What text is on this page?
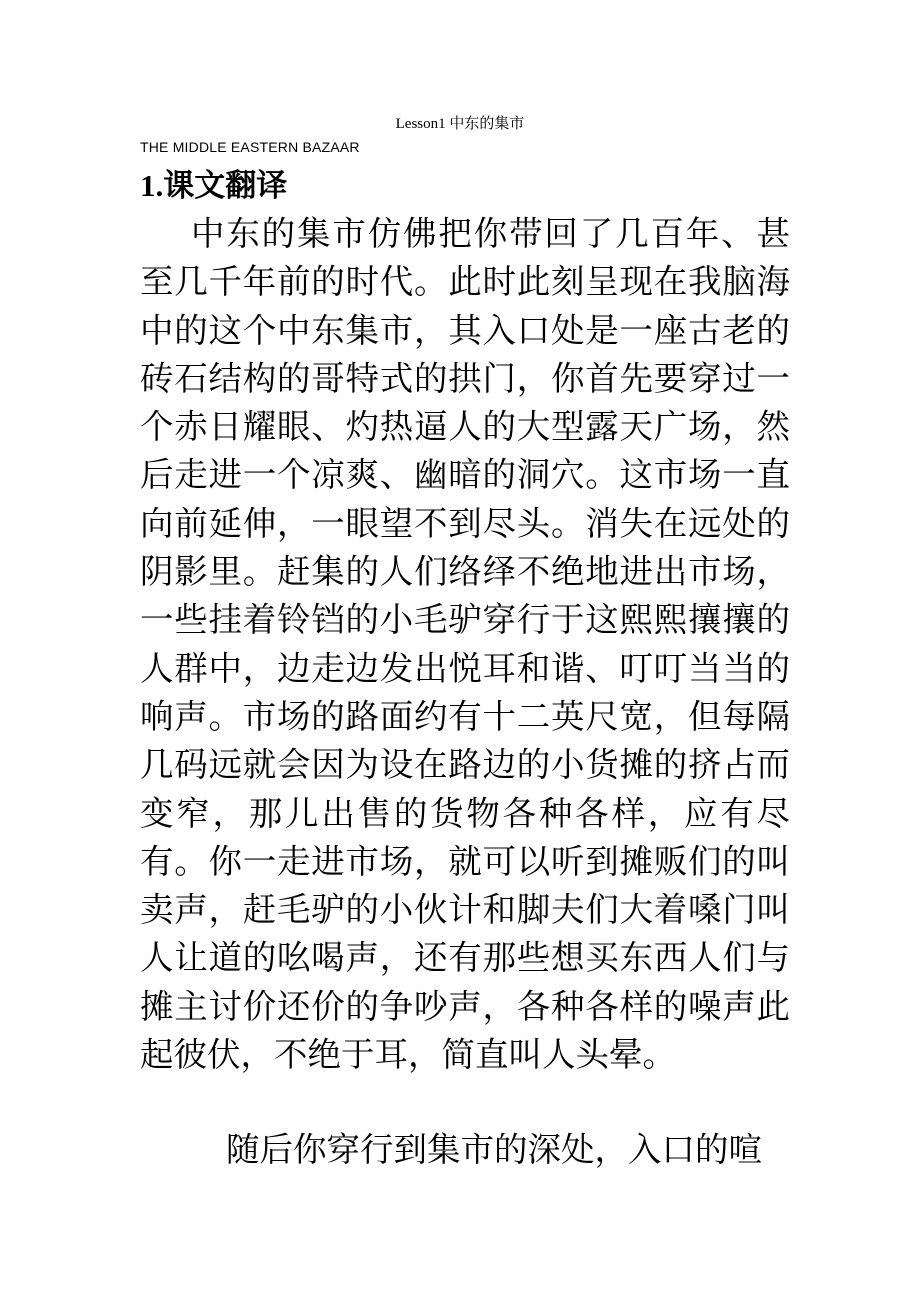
Lesson1 中东的集市
THE MIDDLE EASTERN BAZAAR
1.课文翻译

中东的集市仿佛把你带回了几百年、甚至几千年前的时代。此时此刻呈现在我脑海中的这个中东集市，其入口处是一座古老的砖石结构的哥特式的拱门，你首先要穿过一个赤日耀眼、灼热逼人的大型露天广场，然后走进一个凉爽、幽暗的洞穴。这市场一直向前延伸，一眼望不到尽头。消失在远处的阴影里。赶集的人们络绎不绝地进出市场，一些挂着铃铛的小毛驴穿行于这熙熙攘攘的人群中，边走边发出悦耳和谐、叮叮当当的响声。市场的路面约有十二英尺宽，但每隔几码远就会因为设在路边的小货摊的挤占而变窄，那儿出售的货物各种各样，应有尽有。你一走进市场，就可以听到摊贩们的叫卖声，赶毛驴的小伙计和脚夫们大着嗓门叫人让道的吆喝声，还有那些想买东西人们与摊主讨价还价的争吵声，各种各样的噪声此起彼伏，不绝于耳，简直叫人头晕。

随后你穿行到集市的深处，入口的喧
